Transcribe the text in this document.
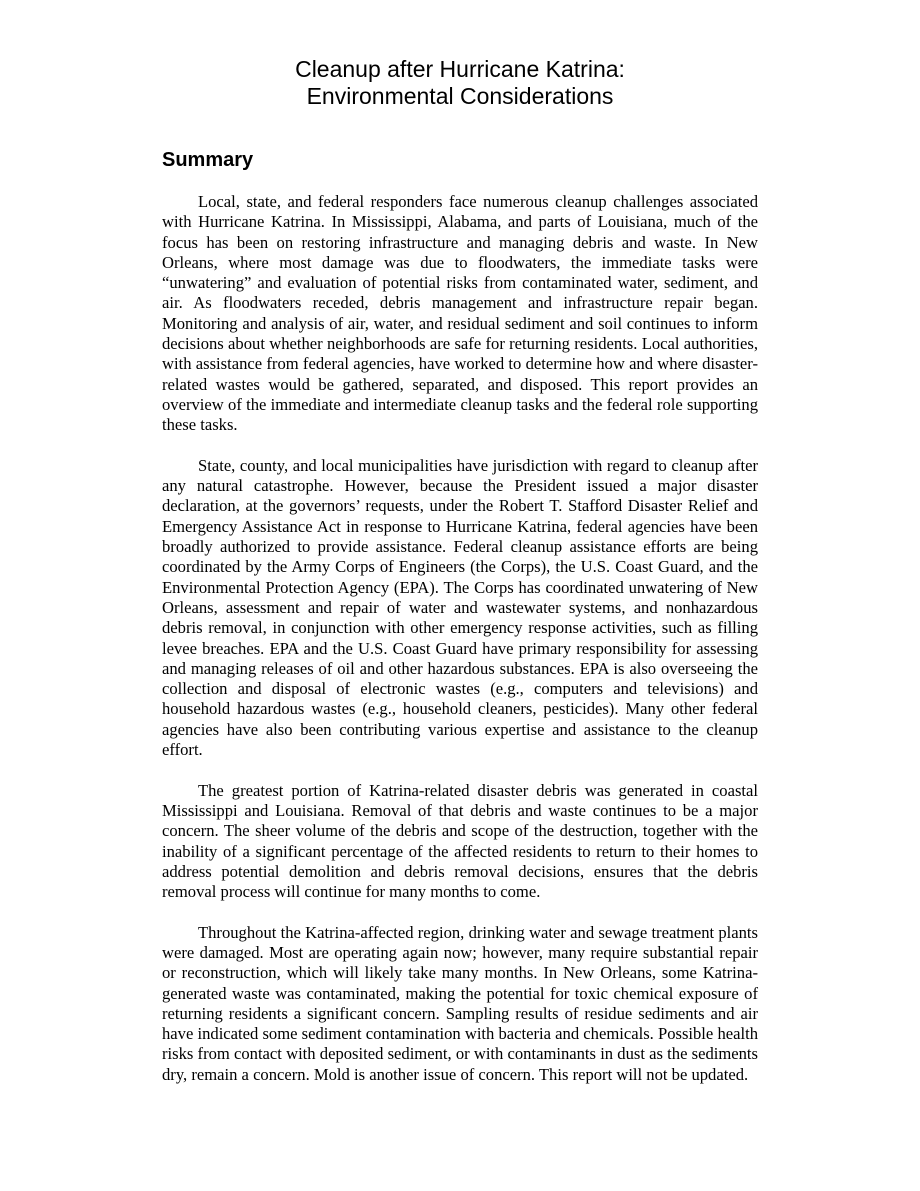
Cleanup after Hurricane Katrina:
Environmental Considerations
Summary

Local, state, and federal responders face numerous cleanup challenges associated with Hurricane Katrina. In Mississippi, Alabama, and parts of Louisiana, much of the focus has been on restoring infrastructure and managing debris and waste. In New Orleans, where most damage was due to floodwaters, the immediate tasks were “unwatering” and evaluation of potential risks from contaminated water, sediment, and air. As floodwaters receded, debris management and infrastructure repair began. Monitoring and analysis of air, water, and residual sediment and soil continues to inform decisions about whether neighborhoods are safe for returning residents. Local authorities, with assistance from federal agencies, have worked to determine how and where disaster-related wastes would be gathered, separated, and disposed. This report provides an overview of the immediate and intermediate cleanup tasks and the federal role supporting these tasks.

State, county, and local municipalities have jurisdiction with regard to cleanup after any natural catastrophe. However, because the President issued a major disaster declaration, at the governors’ requests, under the Robert T. Stafford Disaster Relief and Emergency Assistance Act in response to Hurricane Katrina, federal agencies have been broadly authorized to provide assistance. Federal cleanup assistance efforts are being coordinated by the Army Corps of Engineers (the Corps), the U.S. Coast Guard, and the Environmental Protection Agency (EPA). The Corps has coordinated unwatering of New Orleans, assessment and repair of water and wastewater systems, and nonhazardous debris removal, in conjunction with other emergency response activities, such as filling levee breaches. EPA and the U.S. Coast Guard have primary responsibility for assessing and managing releases of oil and other hazardous substances. EPA is also overseeing the collection and disposal of electronic wastes (e.g., computers and televisions) and household hazardous wastes (e.g., household cleaners, pesticides). Many other federal agencies have also been contributing various expertise and assistance to the cleanup effort.

The greatest portion of Katrina-related disaster debris was generated in coastal Mississippi and Louisiana. Removal of that debris and waste continues to be a major concern. The sheer volume of the debris and scope of the destruction, together with the inability of a significant percentage of the affected residents to return to their homes to address potential demolition and debris removal decisions, ensures that the debris removal process will continue for many months to come.

Throughout the Katrina-affected region, drinking water and sewage treatment plants were damaged. Most are operating again now; however, many require substantial repair or reconstruction, which will likely take many months. In New Orleans, some Katrina-generated waste was contaminated, making the potential for toxic chemical exposure of returning residents a significant concern. Sampling results of residue sediments and air have indicated some sediment contamination with bacteria and chemicals. Possible health risks from contact with deposited sediment, or with contaminants in dust as the sediments dry, remain a concern. Mold is another issue of concern. This report will not be updated.
